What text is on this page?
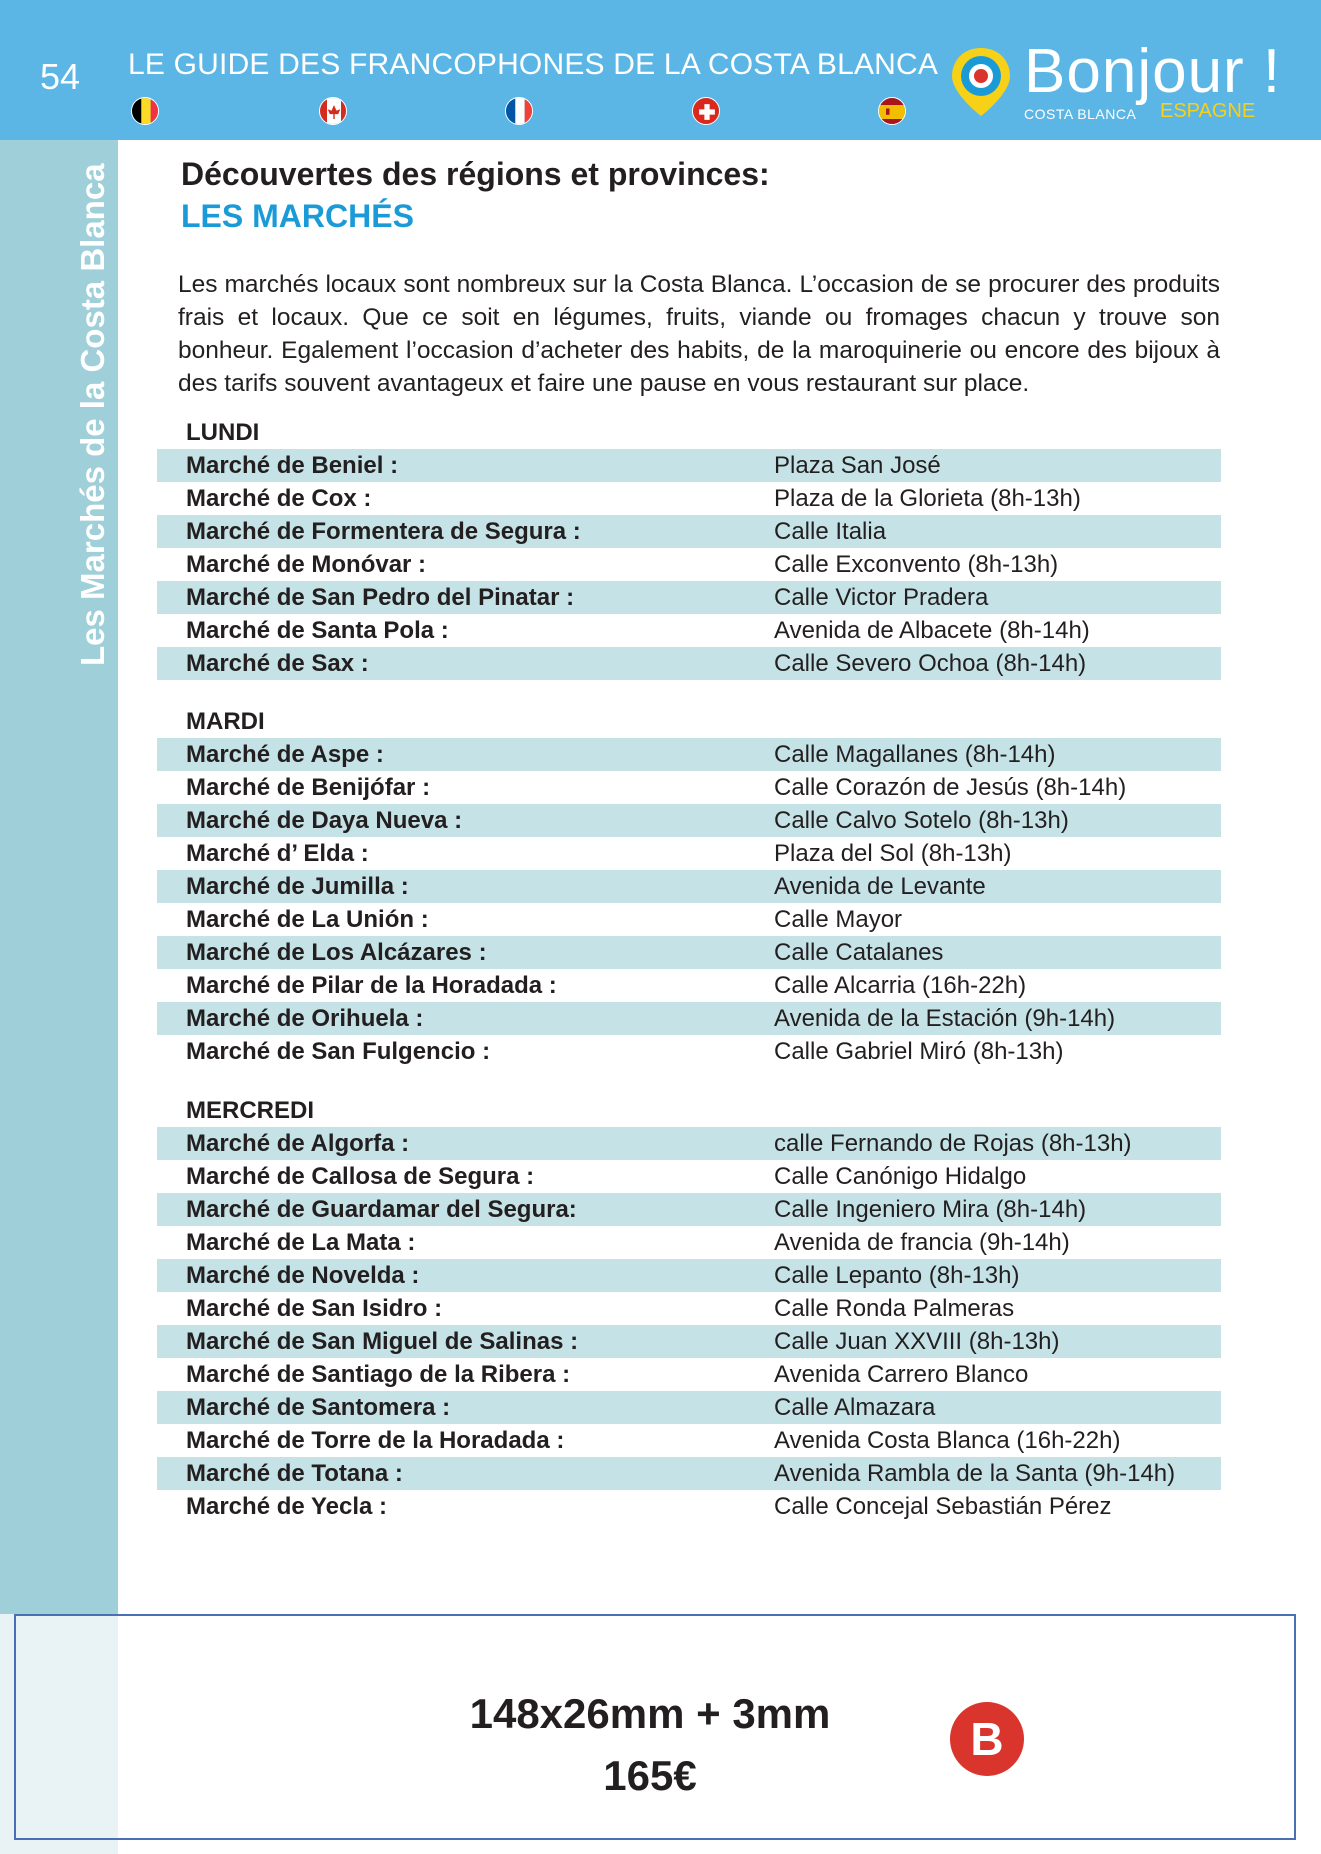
54 LE GUIDE DES FRANCOPHONES DE LA COSTA BLANCA Bonjour !
COSTA BLANCA ESPAGNE
Les Marchés de la Costa Blanca Découvertes des régions et provinces:
LES MARCHÉS

Les marchés locaux sont nombreux sur la Costa Blanca. L’occasion de se procurer des produits frais et locaux. Que ce soit en légumes, fruits, viande ou fromages chacun y trouve son bonheur. Egalement l’occasion d’acheter des habits, de la maroquinerie ou encore des bijoux à des tarifs souvent avantageux et faire une pause en vous restaurant sur place.

LUNDI
Marché de Beniel :	Plaza San José
Marché de Cox :	Plaza de la Glorieta (8h-13h)
Marché de Formentera de Segura :	Calle Italia
Marché de Monóvar :	Calle Exconvento (8h-13h)
Marché de San Pedro del Pinatar :	Calle Victor Pradera
Marché de Santa Pola :	Avenida de Albacete (8h-14h)
Marché de Sax :	Calle Severo Ochoa (8h-14h)
MARDI
Marché de Aspe :	Calle Magallanes (8h-14h)
Marché de Benijófar :	Calle Corazón de Jesús (8h-14h)
Marché de Daya Nueva :	Calle Calvo Sotelo (8h-13h)
Marché d’ Elda :	Plaza del Sol (8h-13h)
Marché de Jumilla :	Avenida de Levante
Marché de La Unión :	Calle Mayor
Marché de Los Alcázares :	Calle Catalanes
Marché de Pilar de la Horadada :	Calle Alcarria (16h-22h)
Marché de Orihuela :	Avenida de la Estación (9h-14h)
Marché de San Fulgencio :	Calle Gabriel Miró (8h-13h)
MERCREDI
Marché de Algorfa :	calle Fernando de Rojas (8h-13h)
Marché de Callosa de Segura :	Calle Canónigo Hidalgo
Marché de Guardamar del Segura:	Calle Ingeniero Mira (8h-14h)
Marché de La Mata :	Avenida de francia (9h-14h)
Marché de Novelda :	Calle Lepanto (8h-13h)
Marché de San Isidro :	Calle Ronda Palmeras
Marché de San Miguel de Salinas :	Calle Juan XXVIII (8h-13h)
Marché de Santiago de la Ribera :	Avenida Carrero Blanco
Marché de Santomera :	Calle Almazara
Marché de Torre de la Horadada :	Avenida Costa Blanca (16h-22h)
Marché de Totana :	Avenida Rambla de la Santa (9h-14h)
Marché de Yecla :	Calle Concejal Sebastián Pérez
148x26mm + 3mm
165€
B
